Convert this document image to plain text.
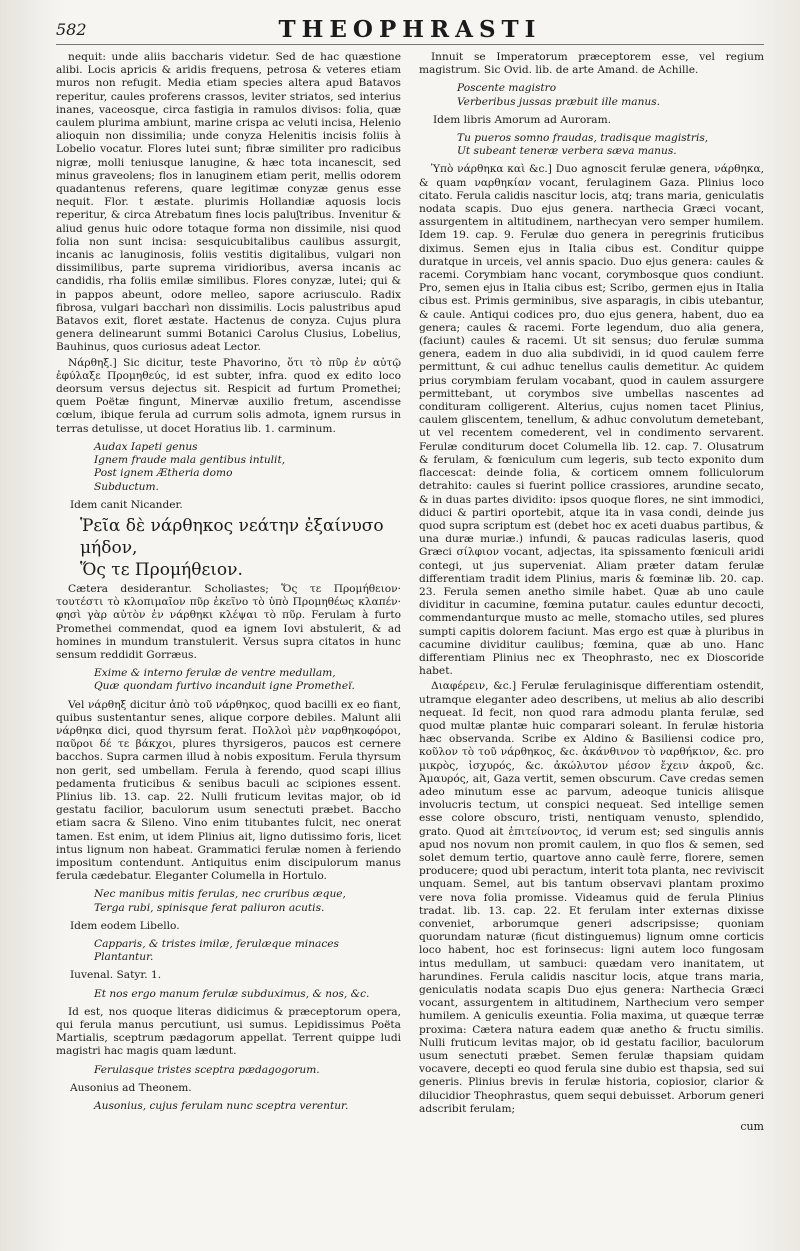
582	THEOPHRASTI

nequit: unde aliis baccharis videtur. Sed de hac quæstione alibi. Locis apricis & aridis frequens, petrosa & veteres etiam muros non refugit. Media etiam species altera apud Batavos reperitur, caules proferens crassos, leviter striatos, sed interius inanes, vaceosque, circa fastigia in ramulos divisos: folia, quæ caulem plurima ambiunt, marine crispa ac veluti incisa, Helenio alioquin non dissimilia; unde conyza Helenitis incisis foliis à Lobelio vocatur. Flores lutei sunt; fibræ similiter pro radicibus nigræ, molli teniusque lanugine, & hæc tota incanescit, sed minus graveolens; flos in lanuginem etiam perit, mellis odorem quadantenus referens, quare legitimæ conyzæ genus esse nequit. Flor. t æstate. plurimis Hollandiæ aquosis locis reperitur, & circa Atrebatum fines locis paluʃtribus. Invenitur & aliud genus huic odore totaque forma non dissimile, nisi quod folia non sunt incisa: sesquicubitalibus caulibus assurgit, incanis ac lanuginosis, foliis vestitis digitalibus, vulgari non dissimilibus, parte suprema viridioribus, aversa incanis ac candidis, rha foliis emilæ similibus. Flores conyzæ, lutei; qui & in pappos abeunt, odore melleo, sapore acriusculo. Radix fibrosa, vulgari baccharì non dissimilis. Locis palustribus apud Batavos exit, floret æstate. Hactenus de conyza. Cujus plura genera delinearunt summi Botanici Carolus Clusius, Lobelius, Bauhinus, quos curiosus adeat Lector.

Νάρθηξ.] Sic dicitur, teste Phavorino, ὅτι τὸ πῦρ ἐν αὐτῷ ἐφύλαξε Προμηθεύς, id est subter, infra. quod ex edito loco deorsum versus dejectus sit. Respicit ad furtum Promethei; quem Poëtæ fingunt, Minervæ auxilio fretum, ascendisse cœlum, ibique ferula ad currum solis admota, ignem rursus in terras detulisse, ut docet Horatius lib. 1. carminum.

Audax Iapeti genus
Ignem fraude mala gentibus intulit,
Post ignem Ætheria domo
Subductum.
Idem canit Nicander.
Ῥεῖα δὲ νάρθηκος νεάτην ἐξαίνυσο μήδον,
Ὅς τε Προμήθειον.

Cætera desiderantur. Scholiastes; Ὅς τε Προμήθειον· τουτέστι τὸ κλοπιμαῖον πῦρ ἐκεῖνο τὸ ὑπὸ Προμηθέως κλαπέν· φησὶ γὰρ αὐτὸν ἐν νάρθηκι κλέψαι τὸ πῦρ. Ferulam à furto Promethei commendat, quod ea ignem Iovi abstulerit, & ad homines in mundum transtulerit. Versus supra citatos in hunc sensum reddidit Gorræus.

Exime & interno ferulæ de ventre medullam,
Quæ quondam furtivo incanduit igne Prometheï.

Vel νάρθηξ dicitur ἀπὸ τοῦ νάρθηκος, quod bacilli ex eo fiant, quibus sustentantur senes, alique corpore debiles. Malunt alii νάρθηκα dici, quod thyrsum ferat. Πολλοὶ μὲν ναρθηκοφόροι, παῦροι δέ τε βάκχοι, plures thyrsigeros, paucos est cernere bacchos. Supra carmen illud à nobis expositum. Ferula thyrsum non gerit, sed umbellam. Ferula à ferendo, quod scapi illius pedamenta fruticibus & senibus baculi ac scipiones essent. Plinius lib. 13. cap. 22. Nulli fruticum levitas major, ob id gestatu facilior, baculorum usum senectuti præbet. Baccho etiam sacra & Sileno. Vino enim titubantes fulcit, nec onerat tamen. Est enim, ut idem Plinius ait, ligno dutissimo foris, licet intus lignum non habeat. Grammatici ferulæ nomen à feriendo impositum contendunt. Antiquitus enim discipulorum manus ferula cædebatur. Eleganter Columella in Hortulo.

Nec manibus mitis ferulas, nec cruribus æque,
Terga rubi, spinisque ferat paliuron acutis.
Idem eodem Libello.
Capparis, & tristes imilæ, ferulæque minaces
Plantantur.
Iuvenal. Satyr. 1.
Et nos ergo manum ferulæ subduximus, & nos, &c.

Id est, nos quoque literas didicimus & præceptorum opera, qui ferula manus percutiunt, usi sumus. Lepidissimus Poëta Martialis, sceptrum pædagorum appellat. Terrent quippe ludi magistri hac magis quam lædunt.

Ferulasque tristes sceptra pædagogorum.
Ausonius ad Theonem.
Ausonius, cujus ferulam nunc sceptra verentur.

Innuit se Imperatorum præceptorem esse, vel regium magistrum. Sic Ovid. lib. de arte Amand. de Achille.

Poscente magistro
Verberibus jussas præbuit ille manus.
Idem libris Amorum ad Auroram.
Tu pueros somno fraudas, tradisque magistris,
Ut subeant teneræ verbera sæva manus.

Ὑπὸ νάρθηκα καὶ &c.] Duo agnoscit ferulæ genera, νάρθηκα, & quam ναρθηκίαν vocant, ferulaginem Gaza. Plinius loco citato. Ferula calidis nascitur locis, atq; trans maria, geniculatis nodata scapis. Duo ejus genera. narthecia Græci vocant, assurgentem in altitudinem, narthecyan vero semper humilem. Idem 19. cap. 9. Ferulæ duo genera in peregrinis fruticibus diximus. Semen ejus in Italia cibus est. Conditur quippe duratque in urceis, vel annis spacio. Duo ejus genera: caules & racemi. Corymbiam hanc vocant, corymbosque quos condiunt. Pro, semen ejus in Italia cibus est; Scribo, germen ejus in Italia cibus est. Primis germinibus, sive asparagis, in cibis utebantur, & caule. Antiqui codices pro, duo ejus genera, habent, duo ea genera; caules & racemi. Forte legendum, duo alia genera, (faciunt) caules & racemi. Ut sit sensus; duo ferulæ summa genera, eadem in duo alia subdividi, in id quod caulem ferre permittunt, & cui adhuc tenellus caulis demetitur. Ac quidem prius corymbiam ferulam vocabant, quod in caulem assurgere permittebant, ut corymbos sive umbellas nascentes ad condituram colligerent. Alterius, cujus nomen tacet Plinius, caulem gliscentem, tenellum, & adhuc convolutum demetebant, ut vel recentem comederent, vel in condimento servarent. Ferulæ conditurum docet Columella lib. 12. cap. 7. Olusatrum & ferulam, & fœniculum cum legeris, sub tecto exponito dum flaccescat: deinde folia, & corticem omnem folliculorum detrahito: caules si fuerint pollice crassiores, arundine secato, & in duas partes dividito: ipsos quoque flores, ne sint immodici, diduci & partiri oportebit, atque ita in vasa condi, deinde jus quod supra scriptum est (debet hoc ex aceti duabus partibus, & una duræ muriæ.) infundi, & paucas radiculas laseris, quod Græci σίλφιον vocant, adjectas, ita spissamento fœniculi aridi contegi, ut jus superveniat. Aliam præter datam ferulæ differentiam tradit idem Plinius, maris & fœminæ lib. 20. cap. 23. Ferula semen anetho simile habet. Quæ ab uno caule dividitur in cacumine, fœmina putatur. caules eduntur decocti, commendanturque musto ac melle, stomacho utiles, sed plures sumpti capitis dolorem faciunt. Mas ergo est quæ à pluribus in cacumine dividitur caulibus; fœmina, quæ ab uno. Hanc differentiam Plinius nec ex Theophrasto, nec ex Dioscoride habet.

Διαφέρειν, &c.] Ferulæ ferulaginisque differentiam ostendit, utramque eleganter adeo describens, ut melius ab alio describi nequeat. Id fecit, non quod rara admodu planta ferulæ, sed quod multæ plantæ huic comparari soleant. In ferulæ historia hæc observanda. Scribe ex Aldino & Basiliensi codice pro, κοῦλον τὸ τοῦ νάρθηκος, &c. ἀκάνθινον τὸ ναρθήκιον, &c. pro μικρὸς, ἰσχυρός, &c. ἀκώλυτον μέσον ἔχειν ἀκροῦ, &c. Ἀμαυρός, ait, Gaza vertit, semen obscurum. Cave credas semen adeo minutum esse ac parvum, adeoque tunicis aliisque involucris tectum, ut conspici nequeat. Sed intellige semen esse colore obscuro, tristi, nentiquam venusto, splendido, grato. Quod ait ἐπιτείνοντος, id verum est; sed singulis annis apud nos novum non promit caulem, in quo flos & semen, sed solet demum tertio, quartove anno caulè ferre, florere, semen producere; quod ubi peractum, interit tota planta, nec reviviscit unquam. Semel, aut bis tantum observavi plantam proximo vere nova folia promisse. Videamus quid de ferula Plinius tradat. lib. 13. cap. 22. Et ferulam inter externas dixisse conveniet, arborumque generi adscripsisse; quoniam quorundam naturæ (ficut distinguemus) lignum omne corticis loco habent, hoc est forinsecus: ligni autem loco fungosam intus medullam, ut sambuci: quædam vero inanitatem, ut harundines. Ferula calidis nascitur locis, atque trans maria, geniculatis nodata scapis Duo ejus genera: Narthecia Græci vocant, assurgentem in altitudinem, Narthecium vero semper humilem. A geniculis exeuntia. Folia maxima, ut quæque terræ proxima: Cætera natura eadem quæ anetho & fructu similis. Nulli fruticum levitas major, ob id gestatu facilior, baculorum usum senectuti præbet. Semen ferulæ thapsiam quidam vocavere, decepti eo quod ferula sine dubio est thapsia, sed sui generis. Plinius brevis in ferulæ historia, copiosior, clarior & dilucidior Theophrastus, quem sequi debuisset. Arborum generi adscribit ferulam;

cum
